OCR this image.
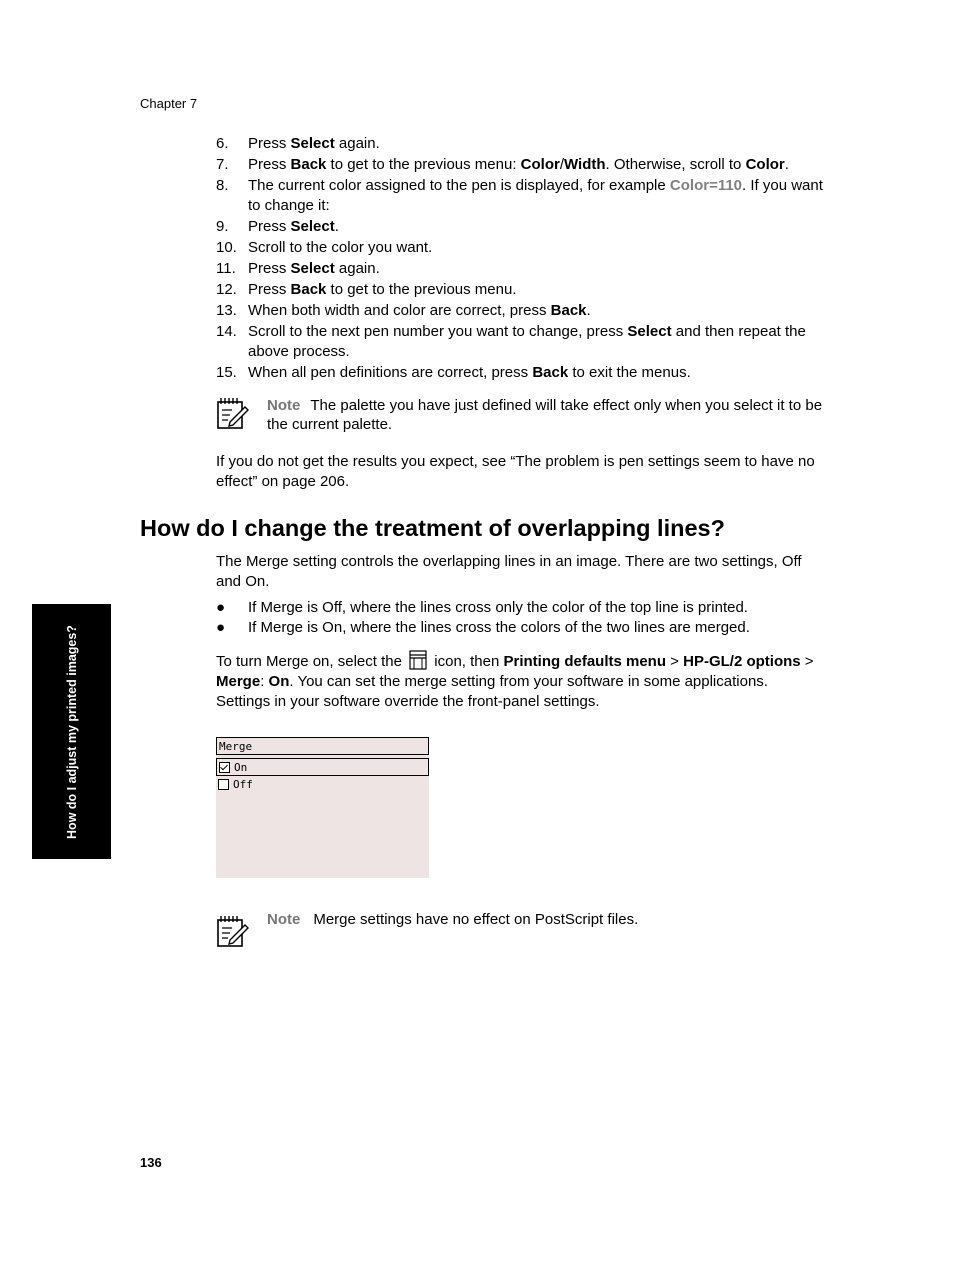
Chapter 7
6. Press Select again.
7. Press Back to get to the previous menu: Color/Width. Otherwise, scroll to Color.
8. The current color assigned to the pen is displayed, for example Color=110. If you want to change it:
9. Press Select.
10. Scroll to the color you want.
11. Press Select again.
12. Press Back to get to the previous menu.
13. When both width and color are correct, press Back.
14. Scroll to the next pen number you want to change, press Select and then repeat the above process.
15. When all pen definitions are correct, press Back to exit the menus.
Note The palette you have just defined will take effect only when you select it to be the current palette.
If you do not get the results you expect, see “The problem is pen settings seem to have no effect” on page 206.
How do I change the treatment of overlapping lines?
The Merge setting controls the overlapping lines in an image. There are two settings, Off and On.
● If Merge is Off, where the lines cross only the color of the top line is printed.
● If Merge is On, where the lines cross the colors of the two lines are merged.
To turn Merge on, select the icon, then Printing defaults menu > HP-GL/2 options > Merge: On. You can set the merge setting from your software in some applications. Settings in your software override the front-panel settings.
How do I adjust my printed images?	Merge
On
Off
Note Merge settings have no effect on PostScript files.
136
